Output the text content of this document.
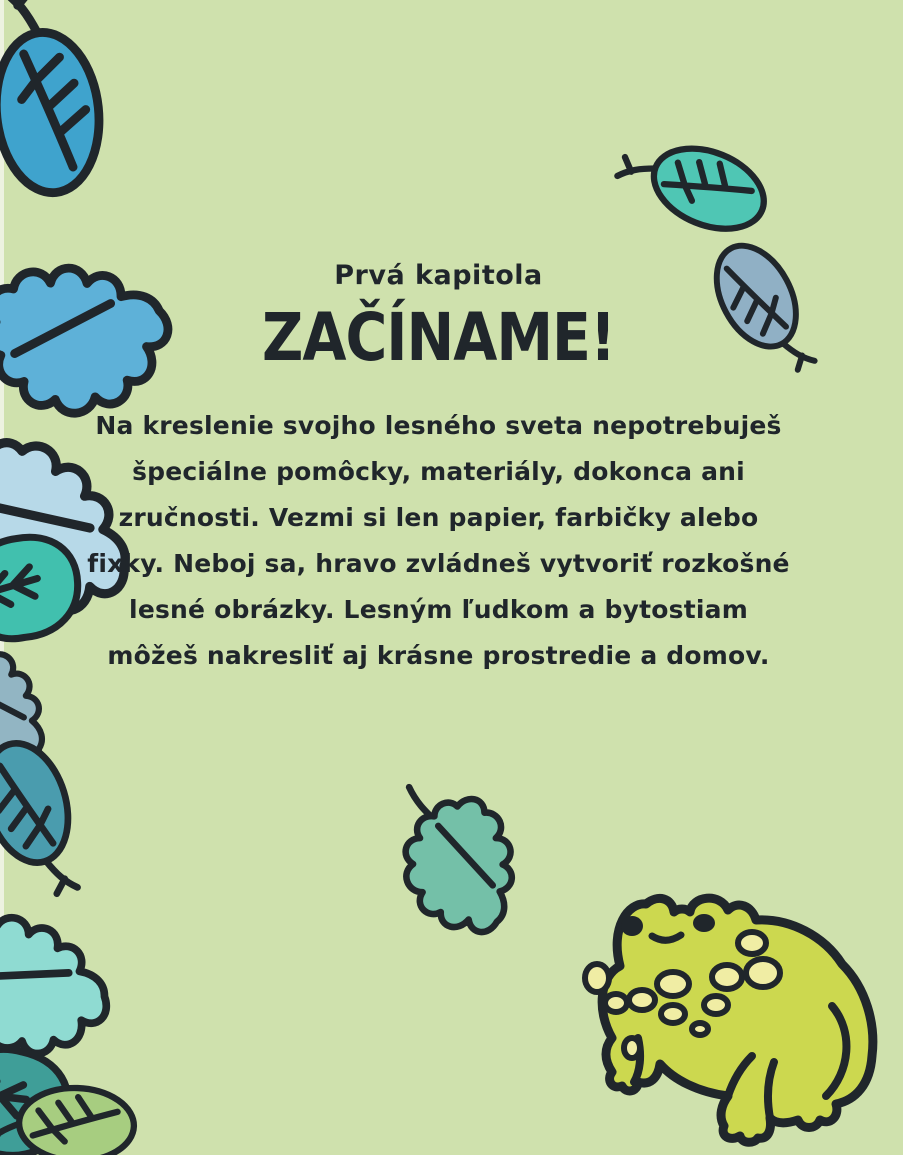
Prvá kapitola
ZAČÍNAME!
Na kreslenie svojho lesného sveta nepotrebuješ
špeciálne pomôcky, materiály, dokonca ani
zručnosti. Vezmi si len papier, farbičky alebo
fixky. Neboj sa, hravo zvládneš vytvoriť rozkošné
lesné obrázky. Lesným ľudkom a bytostiam
môžeš nakresliť aj krásne prostredie a domov.
